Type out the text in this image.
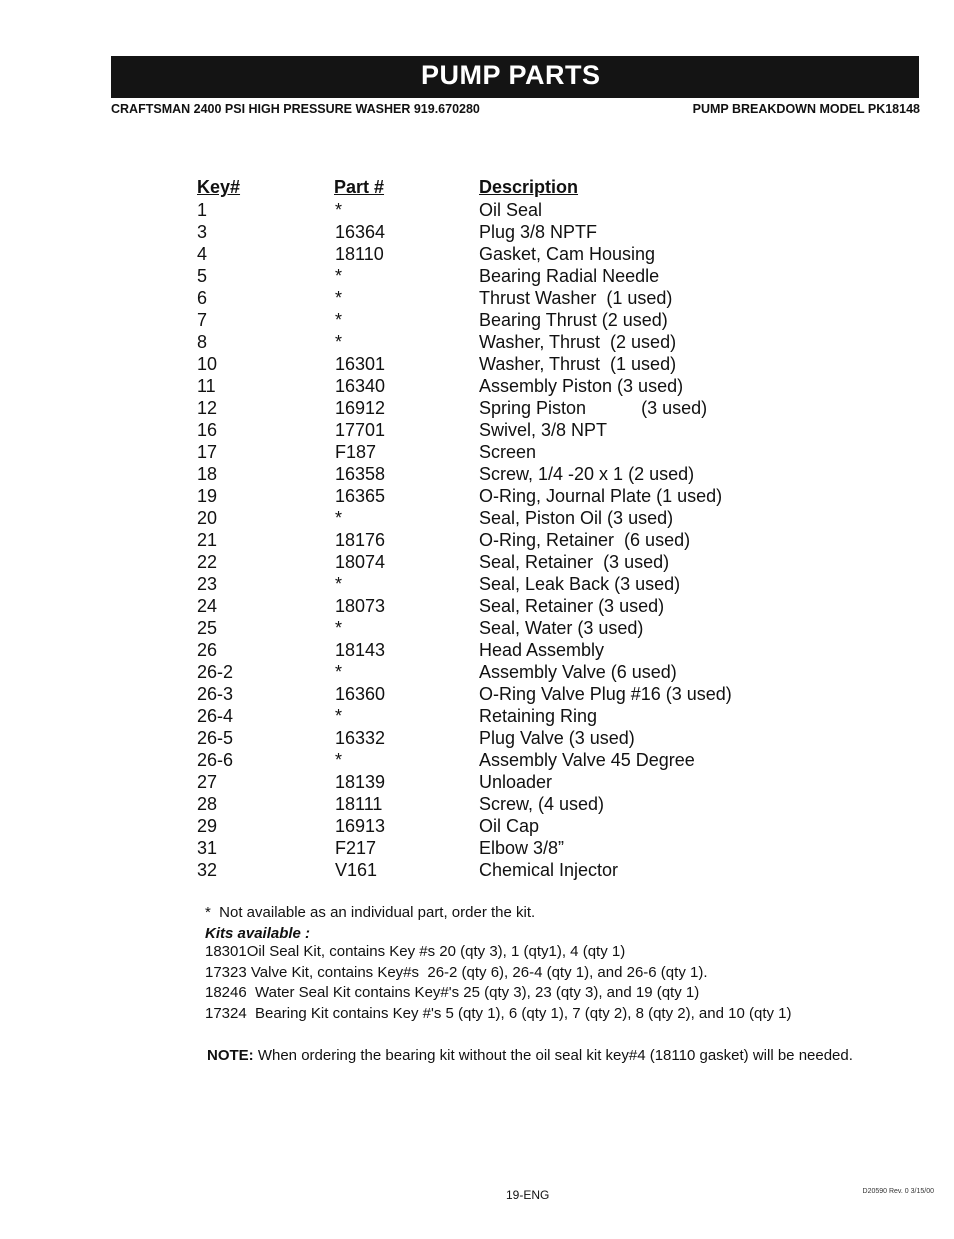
PUMP PARTS
CRAFTSMAN 2400 PSI HIGH PRESSURE WASHER 919.670280	PUMP BREAKDOWN MODEL PK18148
Key#	Part #	Description
1	*	Oil Seal
3	16364	Plug 3/8 NPTF
4	18110	Gasket, Cam Housing
5	*	Bearing Radial Needle
6	*	Thrust Washer  (1 used)
7	*	Bearing Thrust (2 used)
8	*	Washer, Thrust  (2 used)
10	16301	Washer, Thrust  (1 used)
11	16340	Assembly Piston (3 used)
12	16912	Spring Piston           (3 used)
16	17701	Swivel, 3/8 NPT
17	F187	Screen
18	16358	Screw, 1/4 -20 x 1 (2 used)
19	16365	O-Ring, Journal Plate (1 used)
20	*	Seal, Piston Oil (3 used)
21	18176	O-Ring, Retainer  (6 used)
22	18074	Seal, Retainer  (3 used)
23	*	Seal, Leak Back (3 used)
24	18073	Seal, Retainer (3 used)
25	*	Seal, Water (3 used)
26	18143	Head Assembly
26-2	*	Assembly Valve (6 used)
26-3	16360	O-Ring Valve Plug #16 (3 used)
26-4	*	Retaining Ring
26-5	16332	Plug Valve (3 used)
26-6	*	Assembly Valve 45 Degree
27	18139	Unloader
28	18111	Screw, (4 used)
29	16913	Oil Cap
31	F217	Elbow 3/8”
32	V161	Chemical Injector
*  Not available as an individual part, order the kit.
Kits available :
18301Oil Seal Kit, contains Key #s 20 (qty 3), 1 (qty1), 4 (qty 1)
17323 Valve Kit, contains Key#s  26-2 (qty 6), 26-4 (qty 1), and 26-6 (qty 1).
18246  Water Seal Kit contains Key#'s 25 (qty 3), 23 (qty 3), and 19 (qty 1)
17324  Bearing Kit contains Key #'s 5 (qty 1), 6 (qty 1), 7 (qty 2), 8 (qty 2), and 10 (qty 1)
NOTE: When ordering the bearing kit without the oil seal kit key#4 (18110 gasket) will be needed.
19-ENG	D20590 Rev. 0 3/15/00
